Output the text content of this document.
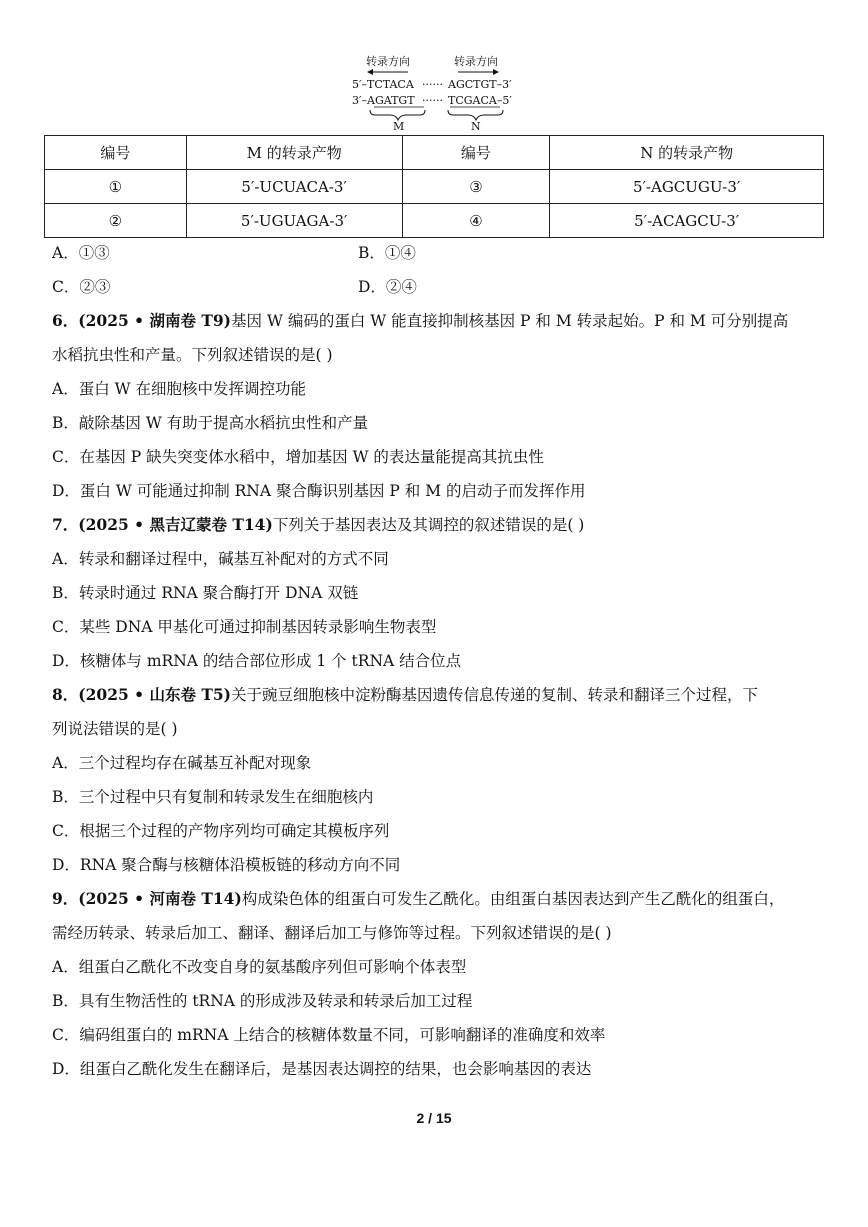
转录方向	转录方向
5′–TCTACA ······ AGCTGT–3′
3′–AGATGT ······ TCGACA–5′
M	N
编号	M 的转录产物	编号	N 的转录产物
①	5′-UCUACA-3′	③	5′-AGCUGU-3′
②	5′-UGUAGA-3′	④	5′-ACAGCU-3′
A．①③	B．①④
C．②③	D．②④
6．(2025 • 湖南卷 T9)基因 W 编码的蛋白 W 能直接抑制核基因 P 和 M 转录起始。P 和 M 可分别提高
水稻抗虫性和产量。下列叙述错误的是( )
A．蛋白 W 在细胞核中发挥调控功能
B．敲除基因 W 有助于提高水稻抗虫性和产量
C．在基因 P 缺失突变体水稻中，增加基因 W 的表达量能提高其抗虫性
D．蛋白 W 可能通过抑制 RNA 聚合酶识别基因 P 和 M 的启动子而发挥作用
7．(2025 • 黑吉辽蒙卷 T14)下列关于基因表达及其调控的叙述错误的是( )
A．转录和翻译过程中，碱基互补配对的方式不同
B．转录时通过 RNA 聚合酶打开 DNA 双链
C．某些 DNA 甲基化可通过抑制基因转录影响生物表型
D．核糖体与 mRNA 的结合部位形成 1 个 tRNA 结合位点
8．(2025 • 山东卷 T5)关于豌豆细胞核中淀粉酶基因遗传信息传递的复制、转录和翻译三个过程，下
列说法错误的是( )
A．三个过程均存在碱基互补配对现象
B．三个过程中只有复制和转录发生在细胞核内
C．根据三个过程的产物序列均可确定其模板序列
D．RNA 聚合酶与核糖体沿模板链的移动方向不同
9．(2025 • 河南卷 T14)构成染色体的组蛋白可发生乙酰化。由组蛋白基因表达到产生乙酰化的组蛋白，
需经历转录、转录后加工、翻译、翻译后加工与修饰等过程。下列叙述错误的是( )
A．组蛋白乙酰化不改变自身的氨基酸序列但可影响个体表型
B．具有生物活性的 tRNA 的形成涉及转录和转录后加工过程
C．编码组蛋白的 mRNA 上结合的核糖体数量不同，可影响翻译的准确度和效率
D．组蛋白乙酰化发生在翻译后，是基因表达调控的结果，也会影响基因的表达
2 / 15
